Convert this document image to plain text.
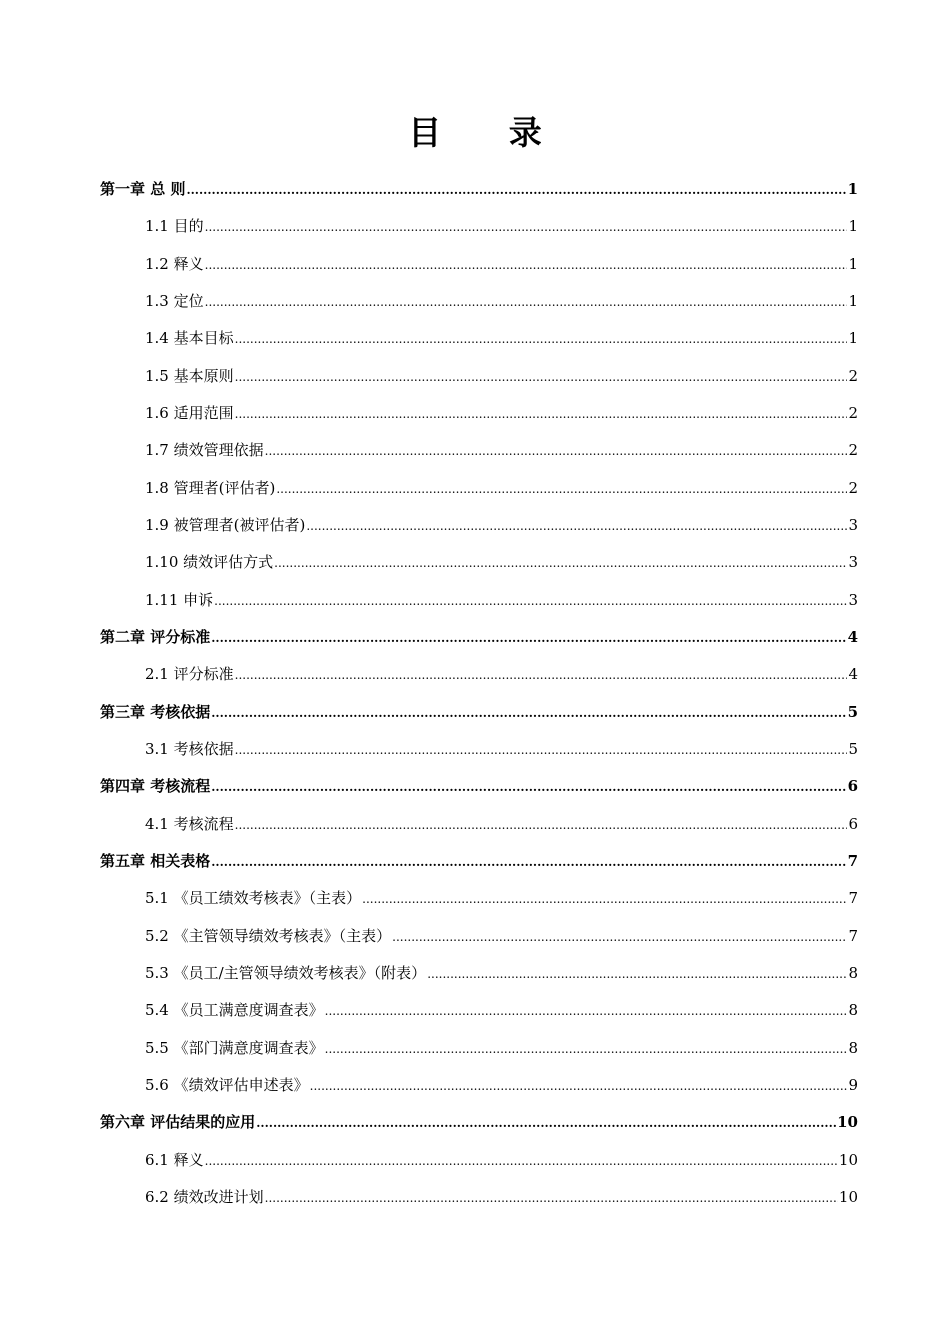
目 录
第一章 总 则 .....	1
1.1 目的 .....	1
1.2 释义 .....	1
1.3 定位 .....	1
1.4 基本目标 .....	1
1.5 基本原则 .....	2
1.6 适用范围 .....	2
1.7 绩效管理依据 .....	2
1.8 管理者(评估者) .....	2
1.9 被管理者(被评估者) .....	3
1.10 绩效评估方式 .....	3
1.11 申诉 .....	3
第二章 评分标准 .....	4
2.1 评分标准 .....	4
第三章 考核依据 .....	5
3.1 考核依据 .....	5
第四章 考核流程 .....	6
4.1 考核流程 .....	6
第五章 相关表格 .....	7
5.1 《员工绩效考核表》（主表） .....	7
5.2 《主管领导绩效考核表》（主表） .....	7
5.3 《员工/主管领导绩效考核表》（附表） .....	8
5.4 《员工满意度调查表》 .....	8
5.5 《部门满意度调查表》 .....	8
5.6 《绩效评估申述表》 .....	9
第六章 评估结果的应用 .....	10
6.1 释义 .....	10
6.2 绩效改进计划 .....	10
